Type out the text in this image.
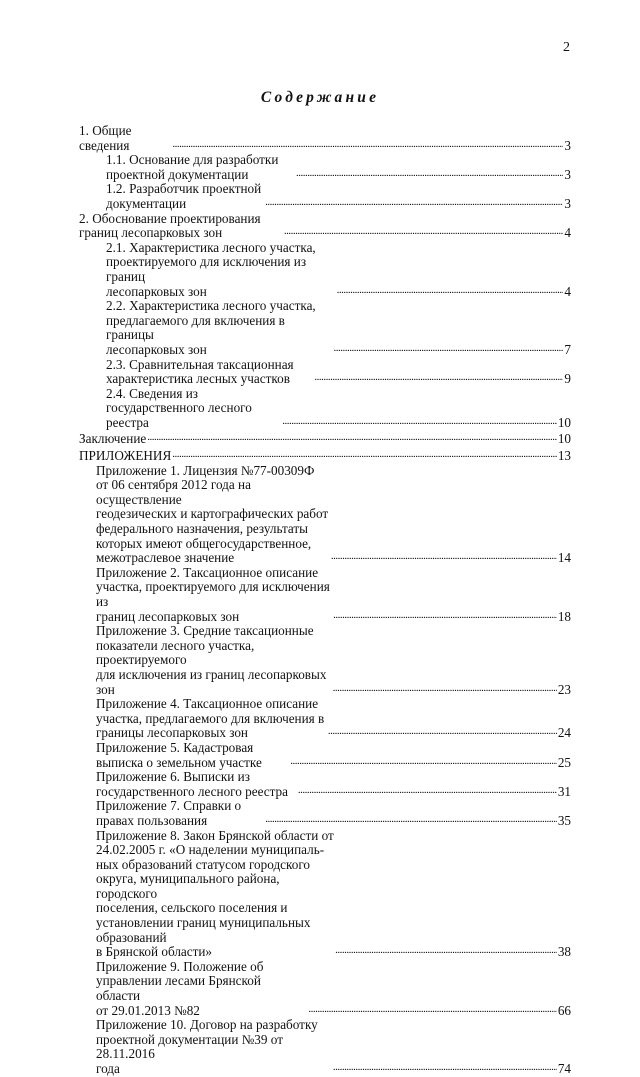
2
Содержание
1. Общие сведения .....	3
1.1. Основание для разработки проектной документации .....	3
1.2. Разработчик проектной документации .....	3
2. Обоснование проектирования границ лесопарковых зон .....	4
2.1. Характеристика лесного участка, проектируемого для исключения из границ
лесопарковых зон .....	4
2.2. Характеристика лесного участка, предлагаемого для включения в границы
лесопарковых зон .....	7
2.3. Сравнительная таксационная характеристика лесных участков .....	9
2.4. Сведения из государственного лесного реестра .....	10
Заключение .....	10
ПРИЛОЖЕНИЯ .....	13
Приложение 1. Лицензия №77-00309Ф от 06 сентября 2012 года на осуществление
геодезических и картографических работ федерального назначения, результаты
которых имеют общегосударственное, межотраслевое значение .....	14
Приложение 2. Таксационное описание участка, проектируемого для исключения из
границ лесопарковых зон .....	18
Приложение 3. Средние таксационные показатели лесного участка, проектируемого
для исключения из границ лесопарковых зон .....	23
Приложение 4. Таксационное описание участка, предлагаемого для включения в
границы лесопарковых зон .....	24
Приложение 5. Кадастровая выписка о земельном участке .....	25
Приложение 6. Выписки из государственного лесного реестра .....	31
Приложение 7. Справки о правах пользования .....	35
Приложение 8. Закон Брянской области от 24.02.2005 г. «О наделении муниципаль-
ных образований статусом городского округа, муниципального района, городского
поселения, сельского поселения и установлении границ муниципальных образований
в Брянской области» .....	38
Приложение 9. Положение об управлении лесами Брянской области
от 29.01.2013 №82 .....	66
Приложение 10. Договор на разработку проектной документации №39 от 28.11.2016
года .....	74
